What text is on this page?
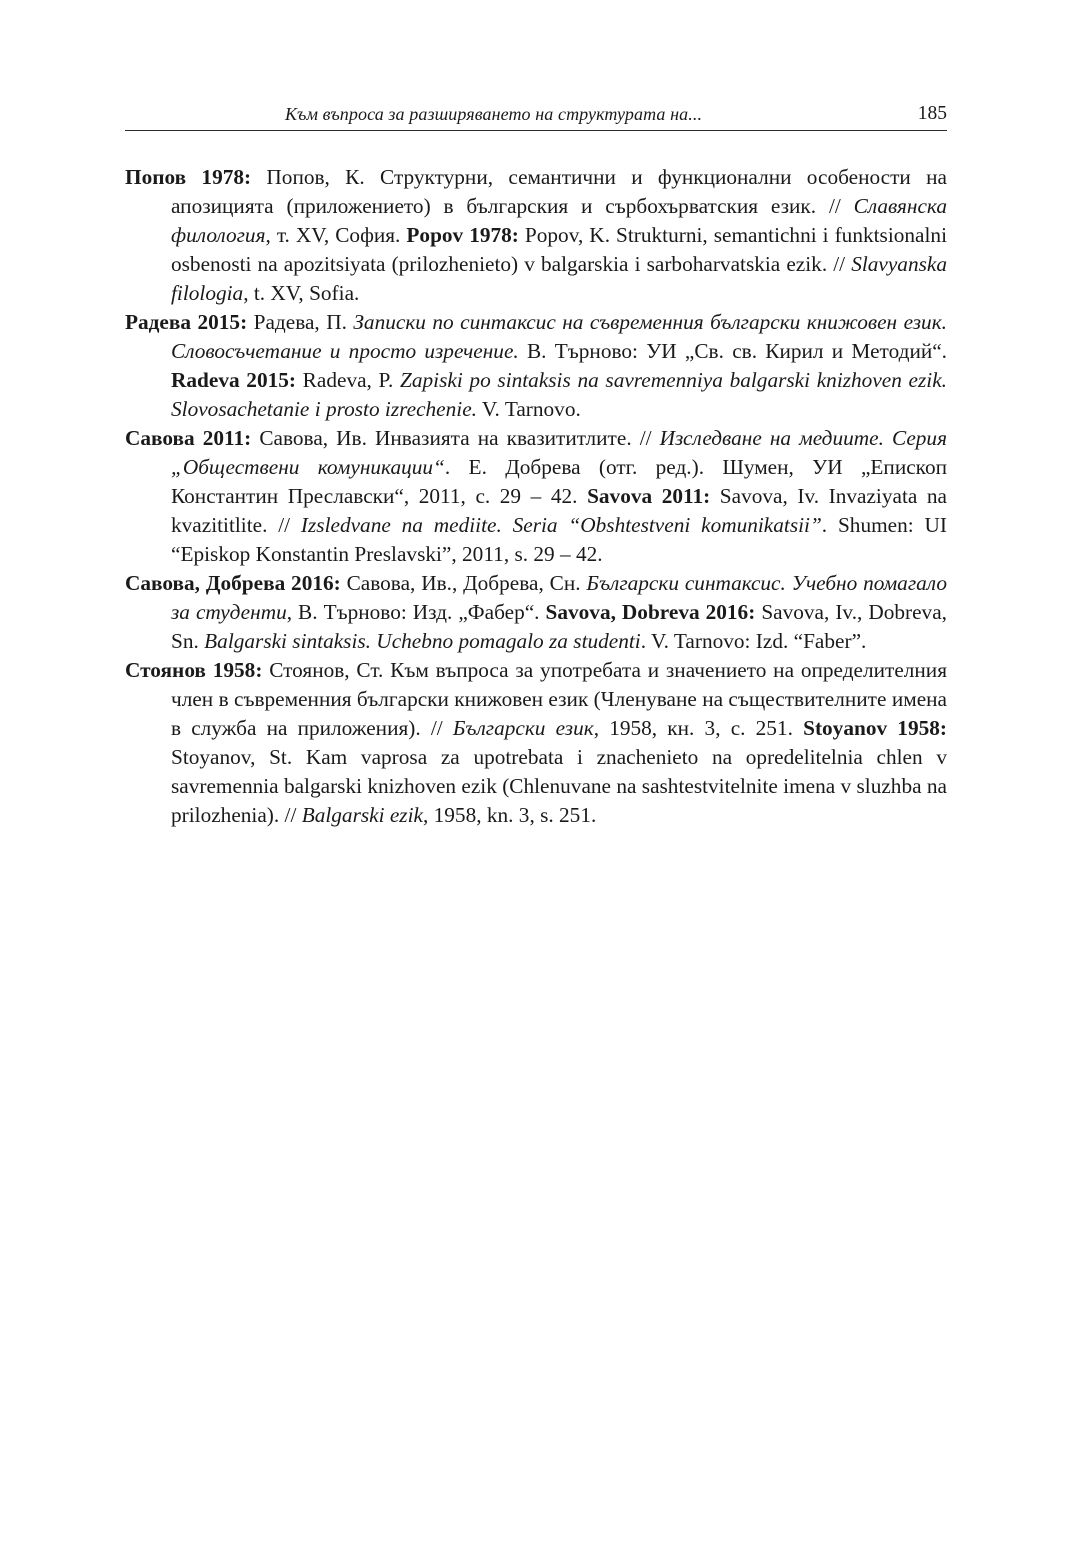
Към въпроса за разширяването на структурата на...	185

Попов 1978: Попов, К. Структурни, семантични и функционални особености на апозицията (приложението) в българския и сърбохърватския език. // Славянска филология, т. XV, София. Popov 1978: Popov, K. Strukturni, semantichni i funktsionalni osbenosti na apozitsiyata (prilozhenieto) v balgarskia i sarboharvatskia ezik. // Slavyanska filologia, t. XV, Sofia.

Радева 2015: Радева, П. Записки по синтаксис на съвременния български книжовен език. Словосъчетание и просто изречение. В. Търново: УИ „Св. св. Кирил и Методий“. Radeva 2015: Radeva, P. Zapiski po sintaksis na savremenniya balgarski knizhoven ezik. Slovosachetanie i prosto izrechenie. V. Tarnovo.

Савова 2011: Савова, Ив. Инвазията на квазититлите. // Изследване на медиите. Серия „Обществени комуникации“. Е. Добрева (отг. ред.). Шумен, УИ „Епископ Константин Преславски“, 2011, с. 29 – 42. Savova 2011: Savova, Iv. Invaziyata na kvazititlite. // Izsledvane na mediite. Seria “Obshtestveni komunikatsii”. Shumen: UI “Episkop Konstantin Preslavski”, 2011, s. 29 – 42.

Савова, Добрева 2016: Савова, Ив., Добрева, Сн. Български синтаксис. Учебно помагало за студенти, В. Търново: Изд. „Фабер“. Savova, Dobreva 2016: Savova, Iv., Dobreva, Sn. Balgarski sintaksis. Uchebno pomagalo za studenti. V. Tarnovo: Izd. “Faber”.

Стоянов 1958: Стоянов, Ст. Към въпроса за употребата и значението на определителния член в съвременния български книжовен език (Членуване на съществителните имена в служба на приложения). // Български език, 1958, кн. 3, с. 251. Stoyanov 1958: Stoyanov, St. Kam vaprosa za upotrebata i znachenieto na opredelitelnia chlen v savremennia balgarski knizhoven ezik (Chlenuvane na sashtestvitelnite imena v sluzhba na prilozhenia). // Balgarski ezik, 1958, kn. 3, s. 251.
